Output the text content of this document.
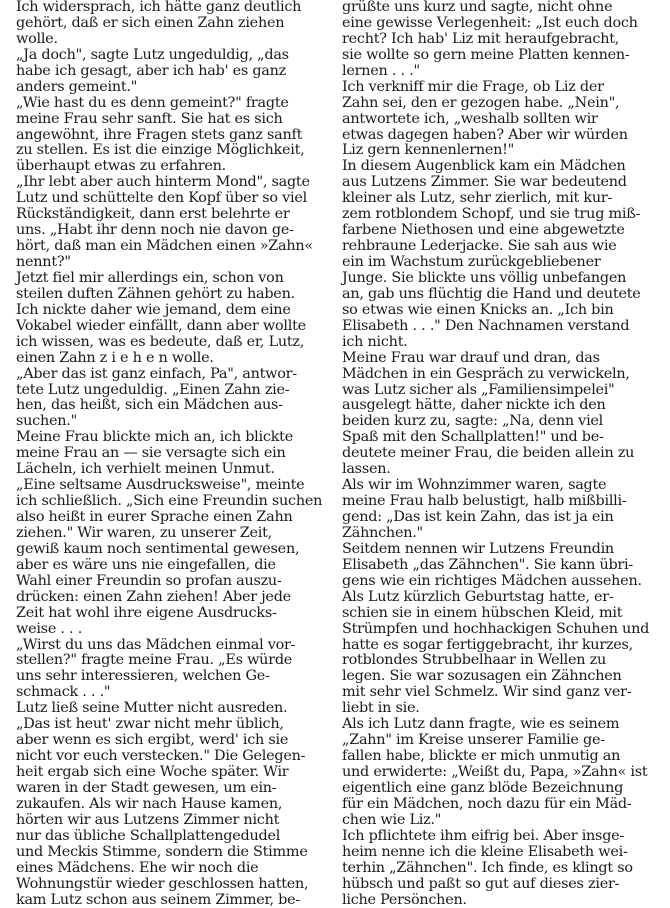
Ich widersprach, ich hätte ganz deutlich
gehört, daß er sich einen Zahn ziehen
wolle.
„Ja doch", sagte Lutz ungeduldig, „das
habe ich gesagt, aber ich hab' es ganz
anders gemeint."
„Wie hast du es denn gemeint?" fragte
meine Frau sehr sanft. Sie hat es sich
angewöhnt, ihre Fragen stets ganz sanft
zu stellen. Es ist die einzige Möglichkeit,
überhaupt etwas zu erfahren.
„Ihr lebt aber auch hinterm Mond", sagte
Lutz und schüttelte den Kopf über so viel
Rückständigkeit, dann erst belehrte er
uns. „Habt ihr denn noch nie davon ge-
hört, daß man ein Mädchen einen »Zahn«
nennt?"
Jetzt fiel mir allerdings ein, schon von
steilen duften Zähnen gehört zu haben.
Ich nickte daher wie jemand, dem eine
Vokabel wieder einfällt, dann aber wollte
ich wissen, was es bedeute, daß er, Lutz,
einen Zahn z i e h e n wolle.
„Aber das ist ganz einfach, Pa", antwor-
tete Lutz ungeduldig. „Einen Zahn zie-
hen, das heißt, sich ein Mädchen aus-
suchen."
Meine Frau blickte mich an, ich blickte
meine Frau an — sie versagte sich ein
Lächeln, ich verhielt meinen Unmut.
„Eine seltsame Ausdrucksweise", meinte
ich schließlich. „Sich eine Freundin suchen
also heißt in eurer Sprache einen Zahn
ziehen." Wir waren, zu unserer Zeit,
gewiß kaum noch sentimental gewesen,
aber es wäre uns nie eingefallen, die
Wahl einer Freundin so profan auszu-
drücken: einen Zahn ziehen! Aber jede
Zeit hat wohl ihre eigene Ausdrucks-
weise . . .
„Wirst du uns das Mädchen einmal vor-
stellen?" fragte meine Frau. „Es würde
uns sehr interessieren, welchen Ge-
schmack . . ."
Lutz ließ seine Mutter nicht ausreden.
„Das ist heut' zwar nicht mehr üblich,
aber wenn es sich ergibt, werd' ich sie
nicht vor euch verstecken." Die Gelegen-
heit ergab sich eine Woche später. Wir
waren in der Stadt gewesen, um ein-
zukaufen. Als wir nach Hause kamen,
hörten wir aus Lutzens Zimmer nicht
nur das übliche Schallplattengedudel
und Meckis Stimme, sondern die Stimme
eines Mädchens. Ehe wir noch die
Wohnungstür wieder geschlossen hatten,
kam Lutz schon aus seinem Zimmer, be-
grüßte uns kurz und sagte, nicht ohne
eine gewisse Verlegenheit: „Ist euch doch
recht? Ich hab' Liz mit heraufgebracht,
sie wollte so gern meine Platten kennen-
lernen . . ."
Ich verkniff mir die Frage, ob Liz der
Zahn sei, den er gezogen habe. „Nein",
antwortete ich, „weshalb sollten wir
etwas dagegen haben? Aber wir würden
Liz gern kennenlernen!"
In diesem Augenblick kam ein Mädchen
aus Lutzens Zimmer. Sie war bedeutend
kleiner als Lutz, sehr zierlich, mit kur-
zem rotblondem Schopf, und sie trug miß-
farbene Niethosen und eine abgewetzte
rehbraune Lederjacke. Sie sah aus wie
ein im Wachstum zurückgebliebener
Junge. Sie blickte uns völlig unbefangen
an, gab uns flüchtig die Hand und deutete
so etwas wie einen Knicks an. „Ich bin
Elisabeth . . ." Den Nachnamen verstand
ich nicht.
Meine Frau war drauf und dran, das
Mädchen in ein Gespräch zu verwickeln,
was Lutz sicher als „Familiensimpelei"
ausgelegt hätte, daher nickte ich den
beiden kurz zu, sagte: „Na, denn viel
Spaß mit den Schallplatten!" und be-
deutete meiner Frau, die beiden allein zu
lassen.
Als wir im Wohnzimmer waren, sagte
meine Frau halb belustigt, halb mißbilli-
gend: „Das ist kein Zahn, das ist ja ein
Zähnchen."
Seitdem nennen wir Lutzens Freundin
Elisabeth „das Zähnchen". Sie kann übri-
gens wie ein richtiges Mädchen aussehen.
Als Lutz kürzlich Geburtstag hatte, er-
schien sie in einem hübschen Kleid, mit
Strümpfen und hochhackigen Schuhen und
hatte es sogar fertiggebracht, ihr kurzes,
rotblondes Strubbelhaar in Wellen zu
legen. Sie war sozusagen ein Zähnchen
mit sehr viel Schmelz. Wir sind ganz ver-
liebt in sie.
Als ich Lutz dann fragte, wie es seinem
„Zahn" im Kreise unserer Familie ge-
fallen habe, blickte er mich unmutig an
und erwiderte: „Weißt du, Papa, »Zahn« ist
eigentlich eine ganz blöde Bezeichnung
für ein Mädchen, noch dazu für ein Mäd-
chen wie Liz."
Ich pflichtete ihm eifrig bei. Aber insge-
heim nenne ich die kleine Elisabeth wei-
terhin „Zähnchen". Ich finde, es klingt so
hübsch und paßt so gut auf dieses zier-
liche Persönchen.
